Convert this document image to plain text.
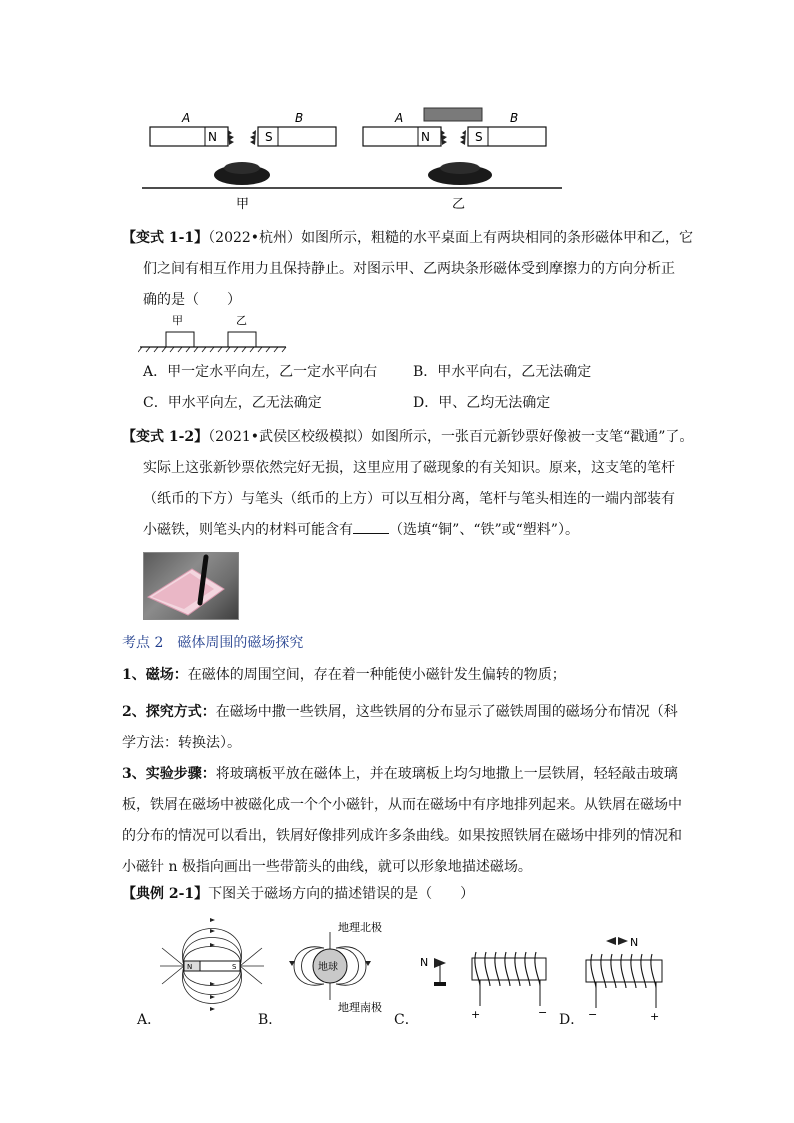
A	B
N	S
A	B
N	S
甲	乙
【变式 1-1】（2022•杭州）如图所示，粗糙的水平桌面上有两块相同的条形磁体甲和乙，它
们之间有相互作用力且保持静止。对图示甲、乙两块条形磁体受到摩擦力的方向分析正
确的是（　　）
甲	乙
A．甲一定水平向左，乙一定水平向右	B．甲水平向右，乙无法确定
C．甲水平向左，乙无法确定	D．甲、乙均无法确定
【变式 1-2】（2021•武侯区校级模拟）如图所示，一张百元新钞票好像被一支笔“戳通”了。
实际上这张新钞票依然完好无损，这里应用了磁现象的有关知识。原来，这支笔的笔杆
（纸币的下方）与笔头（纸币的上方）可以互相分离，笔杆与笔头相连的一端内部装有
小磁铁，则笔头内的材料可能含有	（选填“铜”、“铁”或“塑料”）。
考点 2　磁体周围的磁场探究
1、磁场：在磁体的周围空间，存在着一种能使小磁针发生偏转的物质；
2、探究方式：在磁场中撒一些铁屑，这些铁屑的分布显示了磁铁周围的磁场分布情况（科
学方法：转换法）。
3、实验步骤：将玻璃板平放在磁体上，并在玻璃板上均匀地撒上一层铁屑，轻轻敲击玻璃
板，铁屑在磁场中被磁化成一个个小磁针，从而在磁场中有序地排列起来。从铁屑在磁场中
的分布的情况可以看出，铁屑好像排列成许多条曲线。如果按照铁屑在磁场中排列的情况和
小磁针 n 极指向画出一些带箭头的曲线，就可以形象地描述磁场。
【典例 2-1】下图关于磁场方向的描述错误的是（　　）
A．	B．	C．	D．
N	S	地球
地理北极
地理南极
N
+	−
N
−	+
